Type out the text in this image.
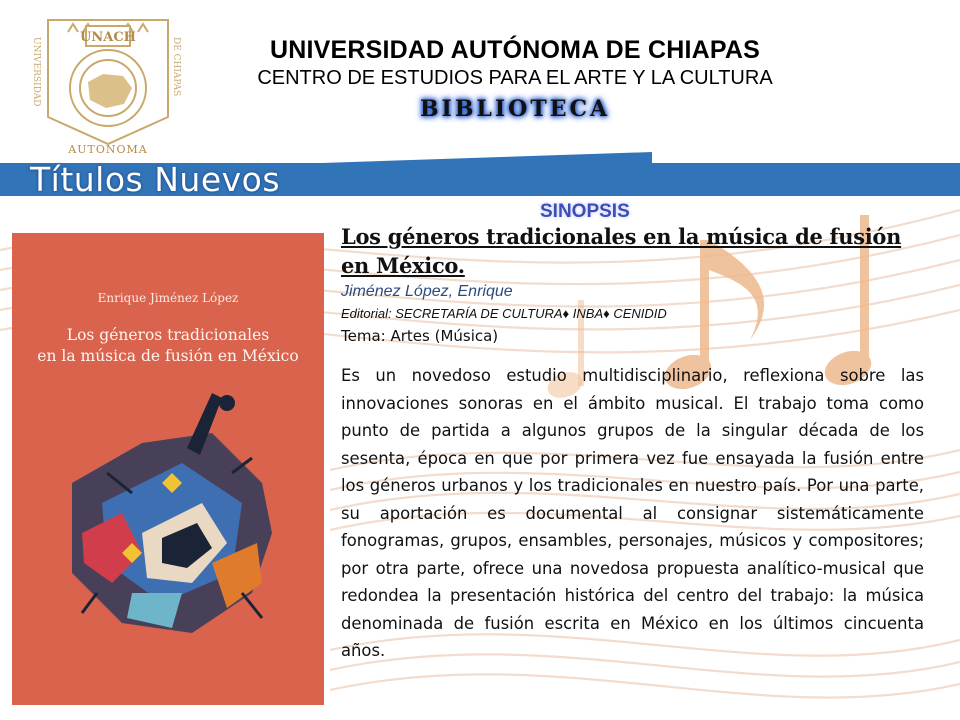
UNACH
UNIVERSIDAD	DE CHIAPAS
AUTONOMA
UNIVERSIDAD AUTÓNOMA DE CHIAPAS
CENTRO DE ESTUDIOS PARA EL ARTE Y LA CULTURA
BIBLIOTECA
Títulos Nuevos
SINOPSIS
Enrique Jiménez López
Los géneros tradicionales
en la música de fusión en México
Los géneros tradicionales en la música de fusión en México.
Jiménez López, Enrique
Editorial: SECRETARÍA DE CULTURA♦ INBA♦ CENIDID
Tema: Artes (Música)

Es un novedoso estudio multidisciplinario, reflexiona sobre las innovaciones sonoras en el ámbito musical. El trabajo toma como punto de partida a algunos grupos de la singular década de los sesenta, época en que por primera vez fue ensayada la fusión entre los géneros urbanos y los tradicionales en nuestro país. Por una parte, su aportación es documental al consignar sistemáticamente fonogramas, grupos, ensambles, personajes, músicos y compositores; por otra parte, ofrece una novedosa propuesta analítico-musical que redondea la presentación histórica del centro del trabajo: la música denominada de fusión escrita en México en los últimos cincuenta años.
